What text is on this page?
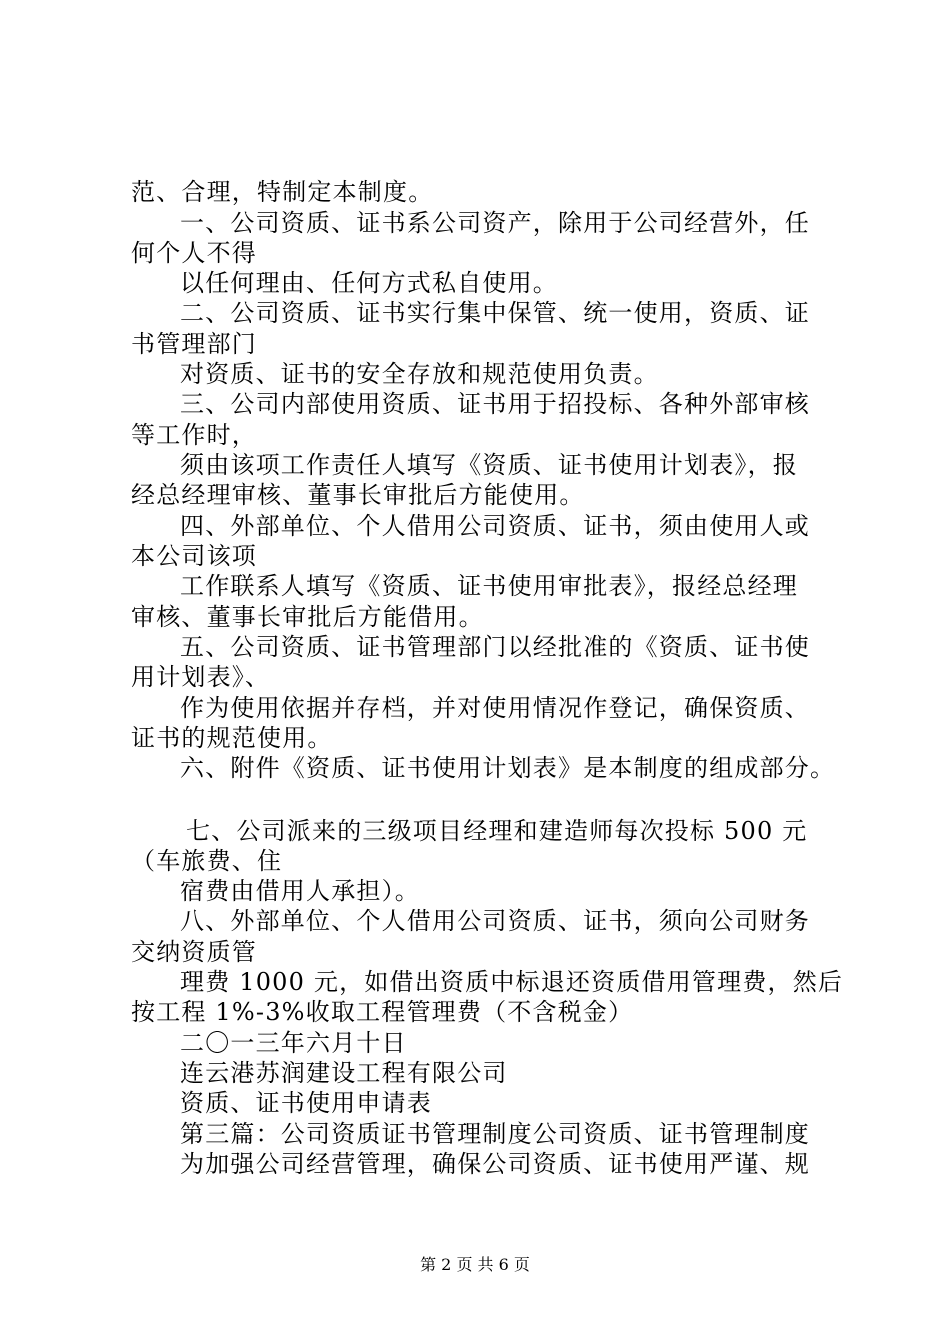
范、合理，特制定本制度。
一、公司资质、证书系公司资产，除用于公司经营外，任
何个人不得
以任何理由、任何方式私自使用。
二、公司资质、证书实行集中保管、统一使用，资质、证
书管理部门
对资质、证书的安全存放和规范使用负责。
三、公司内部使用资质、证书用于招投标、各种外部审核
等工作时，
须由该项工作责任人填写《资质、证书使用计划表》，报
经总经理审核、董事长审批后方能使用。
四、外部单位、个人借用公司资质、证书，须由使用人或
本公司该项
工作联系人填写《资质、证书使用审批表》，报经总经理
审核、董事长审批后方能借用。
五、公司资质、证书管理部门以经批准的《资质、证书使
用计划表》、
作为使用依据并存档，并对使用情况作登记，确保资质、
证书的规范使用。
六、附件《资质、证书使用计划表》是本制度的组成部分。
七、公司派来的三级项目经理和建造师每次投标 500 元
（车旅费、住
宿费由借用人承担）。
八、外部单位、个人借用公司资质、证书，须向公司财务
交纳资质管
理费 1000 元，如借出资质中标退还资质借用管理费，然后
按工程 1%-3%收取工程管理费（不含税金）
二〇一三年六月十日
连云港苏润建设工程有限公司
资质、证书使用申请表
第三篇：公司资质证书管理制度公司资质、证书管理制度
为加强公司经营管理，确保公司资质、证书使用严谨、规
第 2 页 共 6 页
